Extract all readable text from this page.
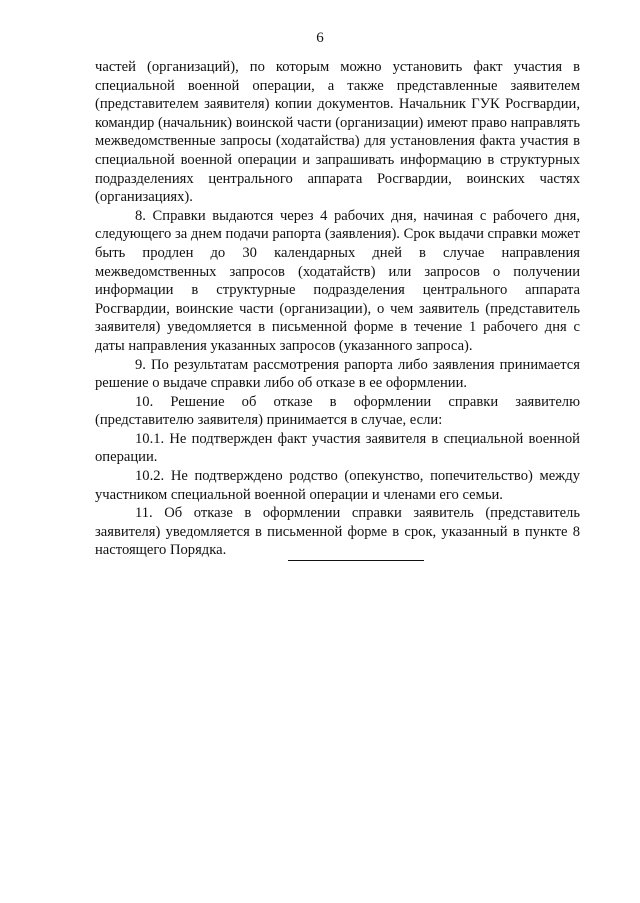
6

частей (организаций), по которым можно установить факт участия в специальной военной операции, а также представленные заявителем (представителем заявителя) копии документов. Начальник ГУК Росгвардии, командир (начальник) воинской части (организации) имеют право направлять межведомственные запросы (ходатайства) для установления факта участия в специальной военной операции и запрашивать информацию в структурных подразделениях центрального аппарата Росгвардии, воинских частях (организациях).

8. Справки выдаются через 4 рабочих дня, начиная с рабочего дня, следующего за днем подачи рапорта (заявления). Срок выдачи справки может быть продлен до 30 календарных дней в случае направления межведомственных запросов (ходатайств) или запросов о получении информации в структурные подразделения центрального аппарата Росгвардии, воинские части (организации), о чем заявитель (представитель заявителя) уведомляется в письменной форме в течение 1 рабочего дня с даты направления указанных запросов (указанного запроса).

9. По результатам рассмотрения рапорта либо заявления принимается решение о выдаче справки либо об отказе в ее оформлении.

10. Решение об отказе в оформлении справки заявителю (представителю заявителя) принимается в случае, если:

10.1. Не подтвержден факт участия заявителя в специальной военной операции.

10.2. Не подтверждено родство (опекунство, попечительство) между участником специальной военной операции и членами его семьи.

11. Об отказе в оформлении справки заявитель (представитель заявителя) уведомляется в письменной форме в срок, указанный в пункте 8 настоящего Порядка.
